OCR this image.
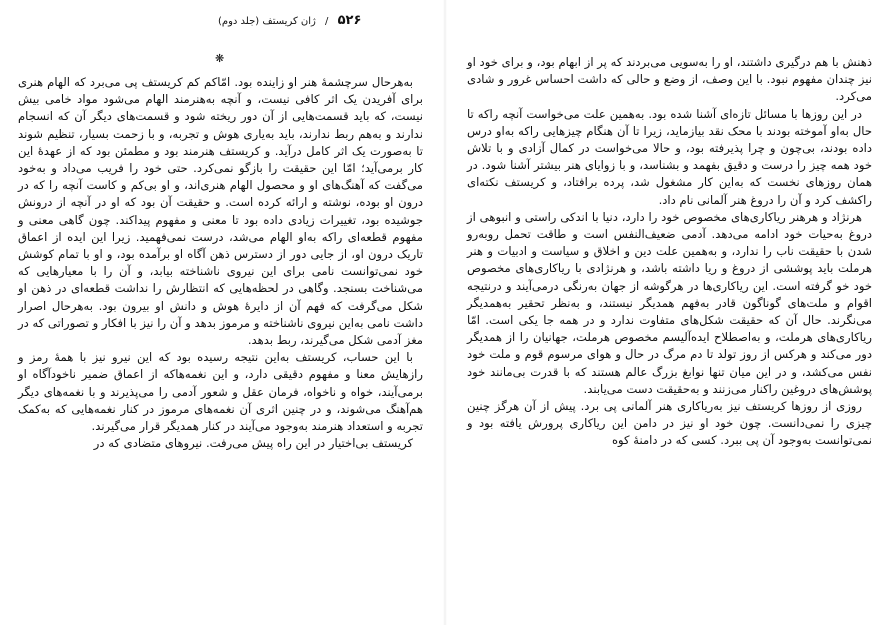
۵۲۶ / ژان کریستف (جلد دوم)
❋

به‌هرحال سرچشمهٔ هنر او زاینده بود. امّاکم کم کریستف پی می‌برد که الهام هنری برای آفریدن یک اثر کافی نیست، و آنچه به‌هنرمند الهام می‌شود مواد خامی بیش نیست، که باید قسمت‌هایی از آن دور ریخته شود و قسمت‌های دیگر آن که انسجام ندارند و به‌هم ربط ندارند، باید به‌یاری هوش و تجربه، و با زحمت بسیار، تنظیم شوند تا به‌صورت یک اثر کامل درآید. و کریستف هنرمند بود و مطمئن بود که از عهدهٔ این کار برمی‌آید؛ امّا این حقیقت را بازگو نمی‌کرد. حتی خود را فریب می‌داد و به‌خود می‌گفت که آهنگ‌های او و محصول الهام هنری‌اند، و او بی‌کم و کاست آنچه را که در درون او بوده، نوشته و ارائه کرده است. و حقیقت آن بود که او در آنچه از درونش جوشیده بود، تغییرات زیادی داده بود تا معنی و مفهوم پیداکند. چون گاهی معنی و مفهوم قطعه‌ای راکه به‌او الهام می‌شد، درست نمی‌فهمید. زیرا این ایده از اعماق تاریک درون او، از جایی دور از دسترس ذهن آگاه او برآمده بود، و او با تمام کوشش خود نمی‌توانست نامی برای این نیروی ناشناخته بیابد، و آن را با معیارهایی که می‌شناخت بسنجد. وگاهی در لحظه‌هایی که انتظارش را نداشت قطعه‌ای در ذهن او شکل می‌گرفت که فهم آن از دایرهٔ هوش و دانش او بیرون بود. به‌هرحال اصرار داشت نامی به‌این نیروی ناشناخته و مرموز بدهد و آن را نیز با افکار و تصوراتی که در مغز آدمی شکل می‌گیرند، ربط بدهد.

با این حساب، کریستف به‌این نتیجه رسیده بود که این نیرو نیز با همهٔ رمز و رازهایش معنا و مفهوم دقیقی دارد، و این نغمه‌هاکه از اعماق ضمیر ناخودآگاه او برمی‌آیند، خواه و ناخواه، فرمان عقل و شعور آدمی را می‌پذیرند و با نغمه‌های دیگر هم‌آهنگ می‌شوند، و در چنین اثری آن نغمه‌های مرموز در کنار نغمه‌هایی که به‌کمک تجربه و استعداد هنرمند به‌وجود می‌آیند در کنار همدیگر قرار می‌گیرند.

کریستف بی‌اختیار در این راه پیش می‌رفت. نیروهای متضادی که در

ذهنش با هم درگیری داشتند، او را به‌سویی می‌بردند که پر از ابهام بود، و برای خود او نیز چندان مفهوم نبود. با این وصف، از وضع و حالی که داشت احساس غرور و شادی می‌کرد.

در این روزها با مسائل تازه‌ای آشنا شده بود. به‌همین علت می‌خواست آنچه راکه تا حال به‌او آموخته بودند با محک نقد بیازماید، زیرا تا آن هنگام چیزهایی راکه به‌او درس داده بودند، بی‌چون و چرا پذیرفته بود، و حالا می‌خواست در کمال آزادی و با تلاش خود همه چیز را درست و دقیق بفهمد و بشناسد، و با زوایای هنر بیشتر آشنا شود. در همان روزهای نخست که به‌این کار مشغول شد، پرده برافتاد، و کریستف نکته‌ای راکشف کرد و آن را دروغ هنر آلمانی نام داد.

هرنژاد و هرهنر ریاکاری‌های مخصوص خود را دارد، دنیا با اندکی راستی و انبوهی از دروغ به‌حیات خود ادامه می‌دهد. آدمی ضعیف‌النفس است و طاقت تحمل روبه‌رو شدن با حقیقت ناب را ندارد، و به‌همین علت دین و اخلاق و سیاست و ادبیات و هنر هرملت باید پوششی از دروغ و ریا داشته باشد، و هرنژادی با ریاکاری‌های مخصوص خود خو گرفته است. این ریاکاری‌ها در هرگوشه از جهان به‌رنگی درمی‌آیند و درنتیجه اقوام و ملت‌های گوناگون قادر به‌فهم همدیگر نیستند، و به‌نظر تحقیر به‌همدیگر می‌نگرند. حال آن که حقیقت شکل‌های متفاوت ندارد و در همه جا یکی است. امّا ریاکاری‌های هرملت، و به‌اصطلاح ایده‌آلیسم مخصوص هرملت، جهانیان را از همدیگر دور می‌کند و هرکس از روز تولد تا دم مرگ در حال و هوای مرسوم قوم و ملت خود نفس می‌کشد، و در این میان تنها نوابغ بزرگ عالم هستند که با قدرت بی‌مانند خود پوشش‌های دروغین راکنار می‌زنند و به‌حقیقت دست می‌یابند.

روزی از روزها کریستف نیز به‌ریاکاری هنر آلمانی پی برد. پیش از آن هرگز چنین چیزی را نمی‌دانست. چون خود او نیز در دامن این ریاکاری پرورش یافته بود و نمی‌توانست به‌وجود آن پی ببرد. کسی که در دامنهٔ کوه
